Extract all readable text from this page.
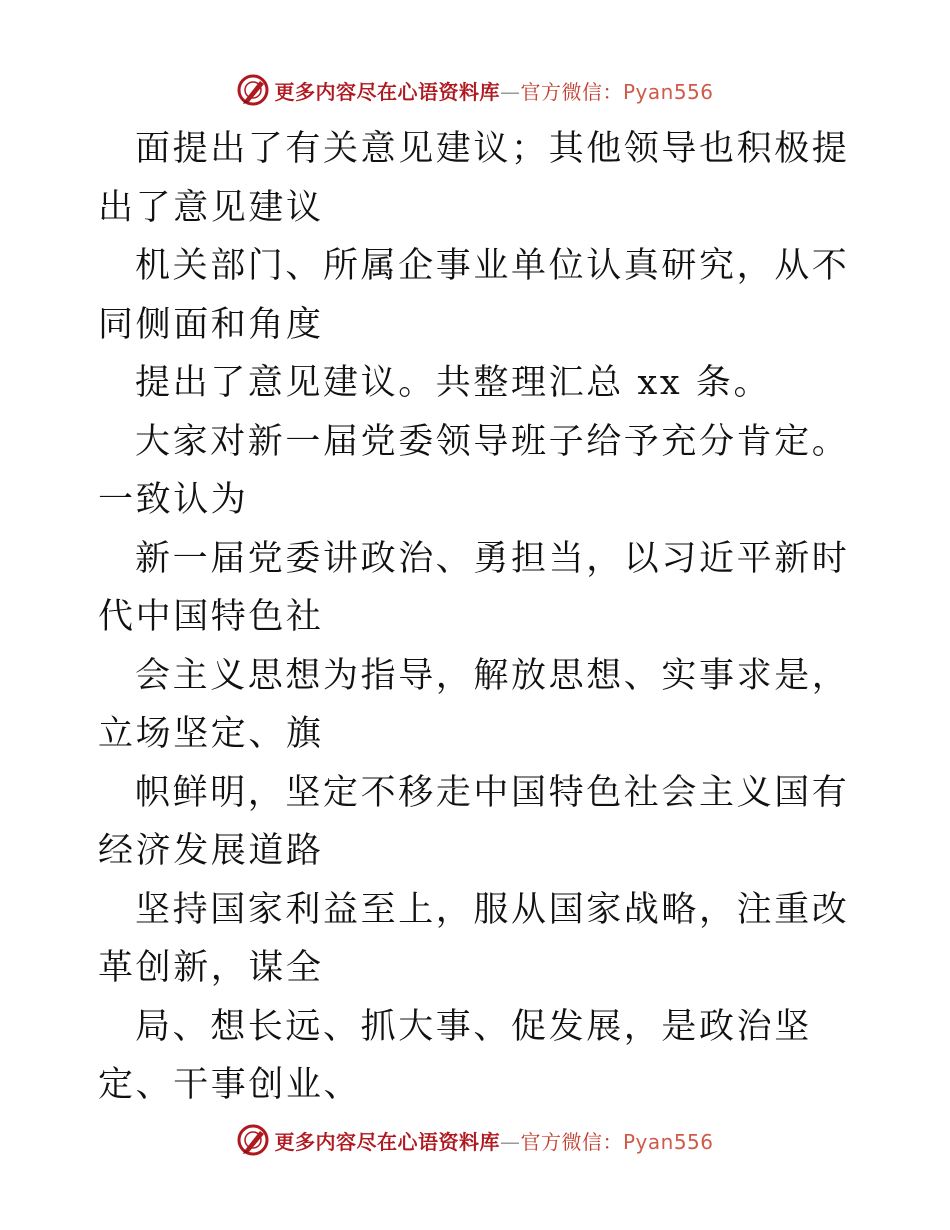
更多内容尽在心语资料库—官方微信：Pyan556

面提出了有关意见建议；其他领导也积极提出了意见建议

机关部门、所属企事业单位认真研究，从不同侧面和角度

提出了意见建议。共整理汇总 xx 条。

大家对新一届党委领导班子给予充分肯定。一致认为

新一届党委讲政治、勇担当，以习近平新时代中国特色社

会主义思想为指导，解放思想、实事求是，立场坚定、旗

帜鲜明，坚定不移走中国特色社会主义国有经济发展道路

坚持国家利益至上，服从国家战略，注重改革创新，谋全

局、想长远、抓大事、促发展，是政治坚定、干事创业、

更多内容尽在心语资料库—官方微信：Pyan556
